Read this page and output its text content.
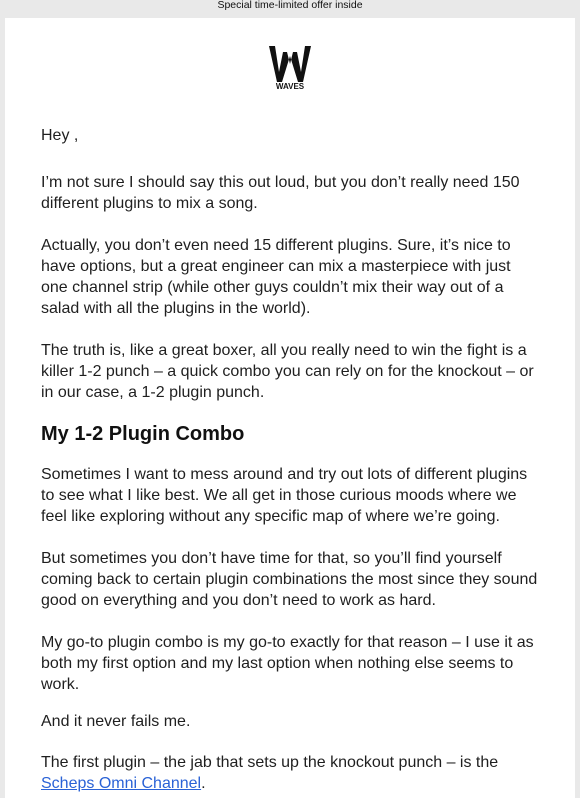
Special time-limited offer inside
WAVES

Hey ,

I’m not sure I should say this out loud, but you don’t really need 150 different plugins to mix a song.

Actually, you don’t even need 15 different plugins. Sure, it’s nice to have options, but a great engineer can mix a masterpiece with just one channel strip (while other guys couldn’t mix their way out of a salad with all the plugins in the world).

The truth is, like a great boxer, all you really need to win the fight is a killer 1-2 punch – a quick combo you can rely on for the knockout – or in our case, a 1-2 plugin punch.

My 1-2 Plugin Combo

Sometimes I want to mess around and try out lots of different plugins to see what I like best. We all get in those curious moods where we feel like exploring without any specific map of where we’re going.

But sometimes you don’t have time for that, so you’ll find yourself coming back to certain plugin combinations the most since they sound good on everything and you don’t need to work as hard.

My go-to plugin combo is my go-to exactly for that reason – I use it as both my first option and my last option when nothing else seems to work.

And it never fails me.

The first plugin – the jab that sets up the knockout punch – is the Scheps Omni Channel.
